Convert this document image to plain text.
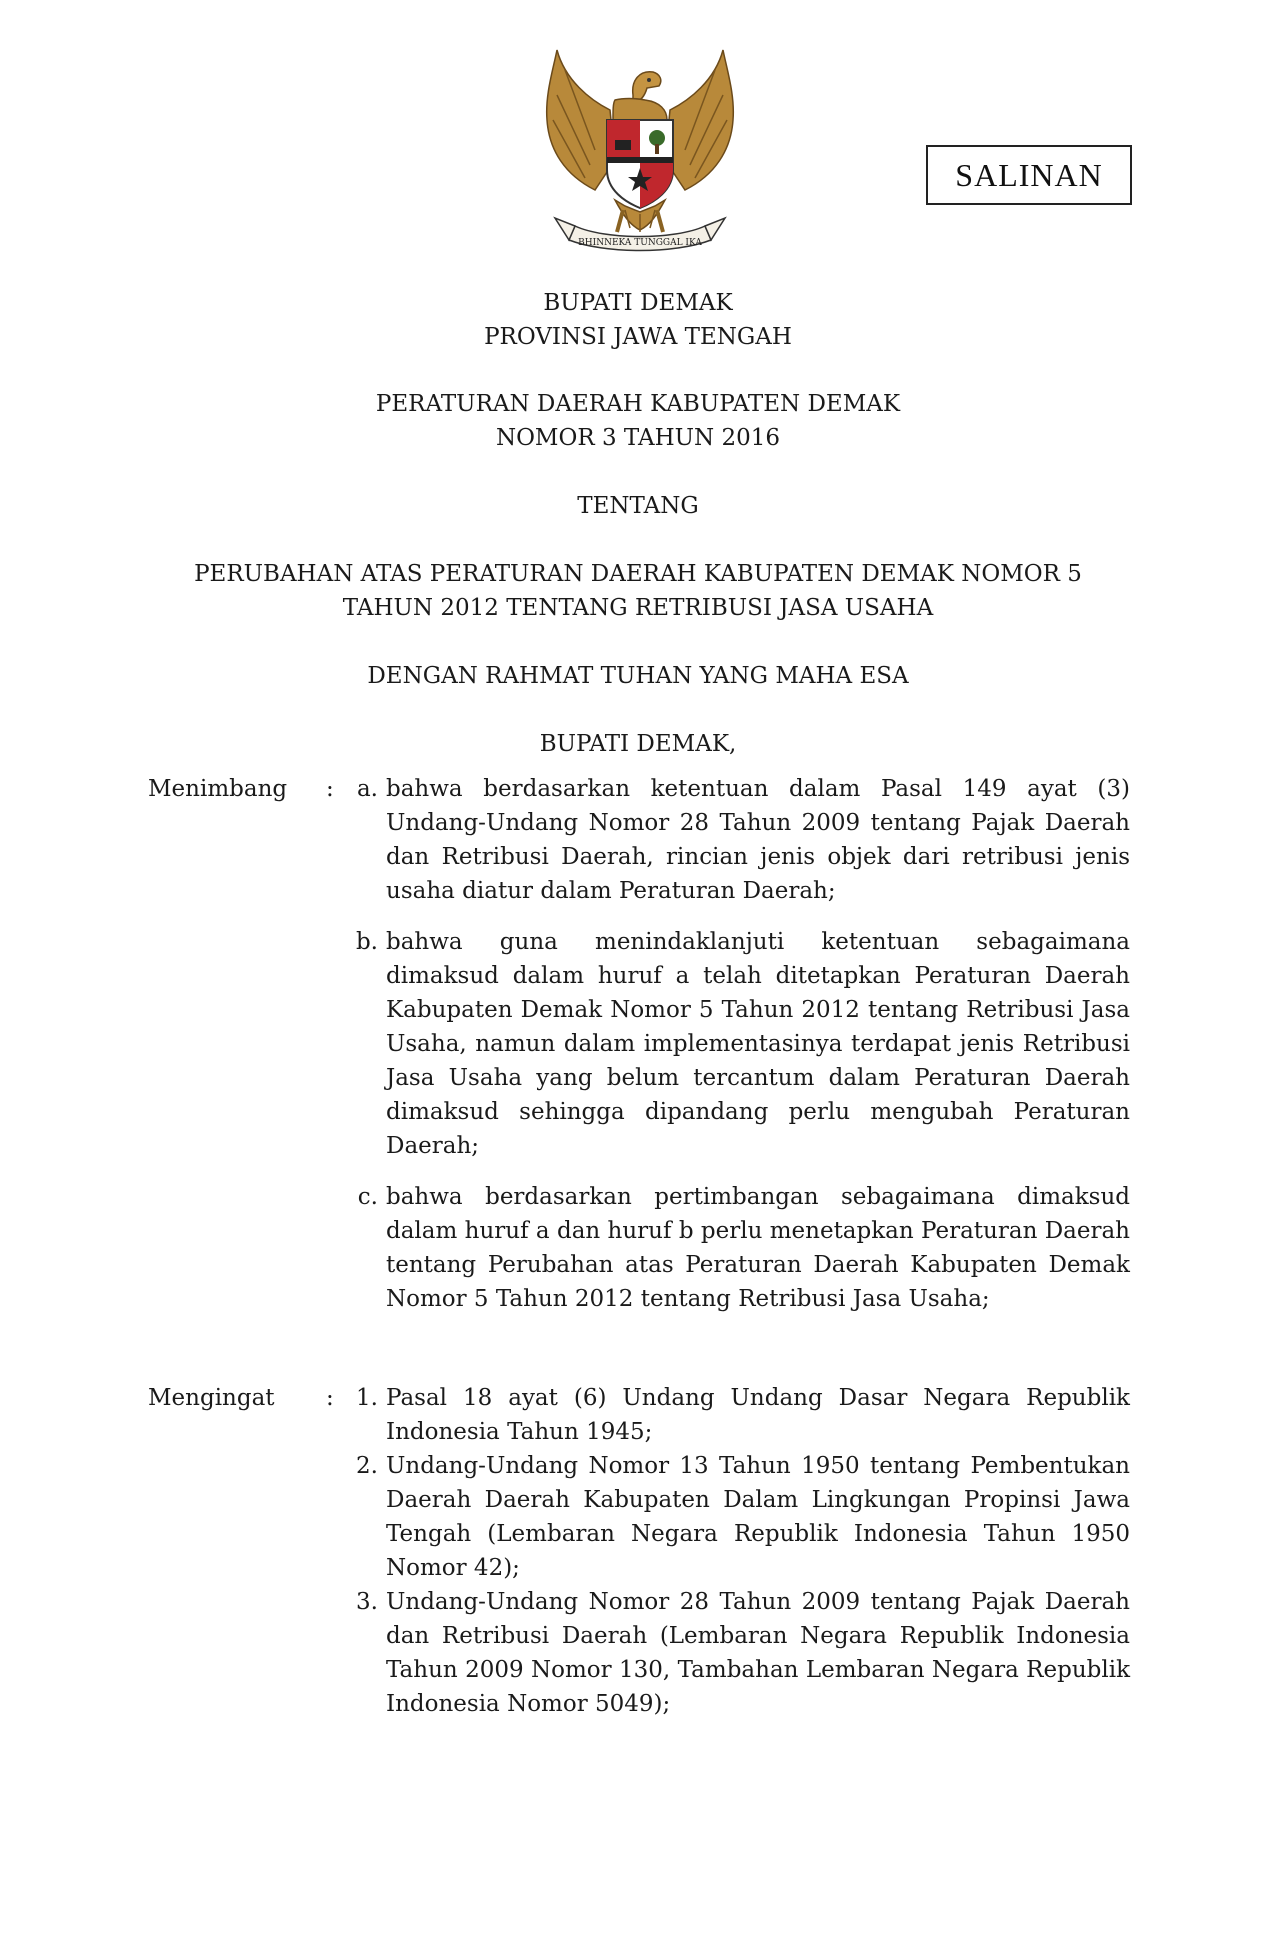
BHINNEKA TUNGGAL IKA
SALINAN
BUPATI DEMAK
PROVINSI JAWA TENGAH
PERATURAN DAERAH KABUPATEN DEMAK
NOMOR 3 TAHUN 2016
TENTANG
PERUBAHAN ATAS PERATURAN DAERAH KABUPATEN DEMAK NOMOR 5
TAHUN 2012 TENTANG RETRIBUSI JASA USAHA
DENGAN RAHMAT TUHAN YANG MAHA ESA
BUPATI DEMAK,
Menimbang :	a. bahwa berdasarkan ketentuan dalam Pasal 149 ayat (3) Undang-Undang Nomor 28 Tahun 2009 tentang Pajak Daerah dan Retribusi Daerah, rincian jenis objek dari retribusi jenis usaha diatur dalam Peraturan Daerah;
b. bahwa guna menindaklanjuti ketentuan sebagaimana dimaksud dalam huruf a telah ditetapkan Peraturan Daerah Kabupaten Demak Nomor 5 Tahun 2012 tentang Retribusi Jasa Usaha, namun dalam implementasinya terdapat jenis Retribusi Jasa Usaha yang belum tercantum dalam Peraturan Daerah dimaksud sehingga dipandang perlu mengubah Peraturan Daerah;
c. bahwa berdasarkan pertimbangan sebagaimana dimaksud dalam huruf a dan huruf b perlu menetapkan Peraturan Daerah tentang Perubahan atas Peraturan Daerah Kabupaten Demak Nomor 5 Tahun 2012 tentang Retribusi Jasa Usaha;
Mengingat : 1. Pasal 18 ayat (6) Undang Undang Dasar Negara Republik Indonesia Tahun 1945;
2. Undang-Undang Nomor 13 Tahun 1950 tentang Pembentukan Daerah Daerah Kabupaten Dalam Lingkungan Propinsi Jawa Tengah (Lembaran Negara Republik Indonesia Tahun 1950 Nomor 42);
3. Undang-Undang Nomor 28 Tahun 2009 tentang Pajak Daerah dan Retribusi Daerah (Lembaran Negara Republik Indonesia Tahun 2009 Nomor 130, Tambahan Lembaran Negara Republik Indonesia Nomor 5049);
